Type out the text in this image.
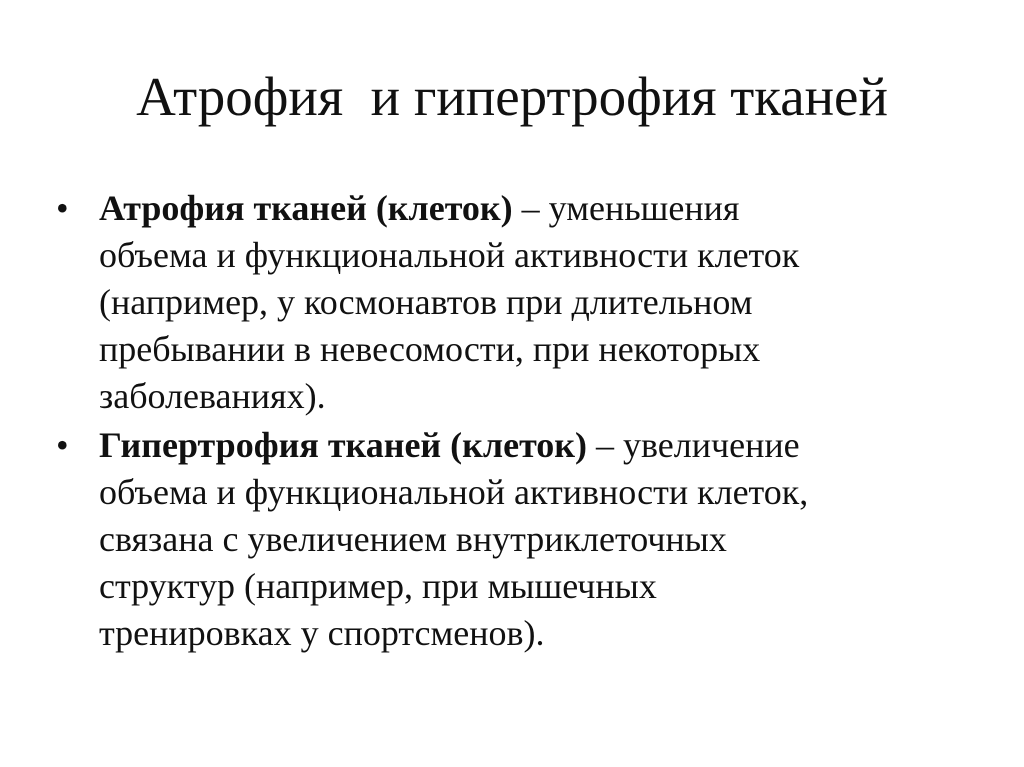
Атрофия  и гипертрофия тканей
• Атрофия тканей (клеток) – уменьшения
объема и функциональной активности клеток
(например, у космонавтов при длительном
пребывании в невесомости, при некоторых
заболеваниях).
• Гипертрофия тканей (клеток) – увеличение
объема и функциональной активности клеток,
связана с увеличением внутриклеточных
структур (например, при мышечных
тренировках у спортсменов).
